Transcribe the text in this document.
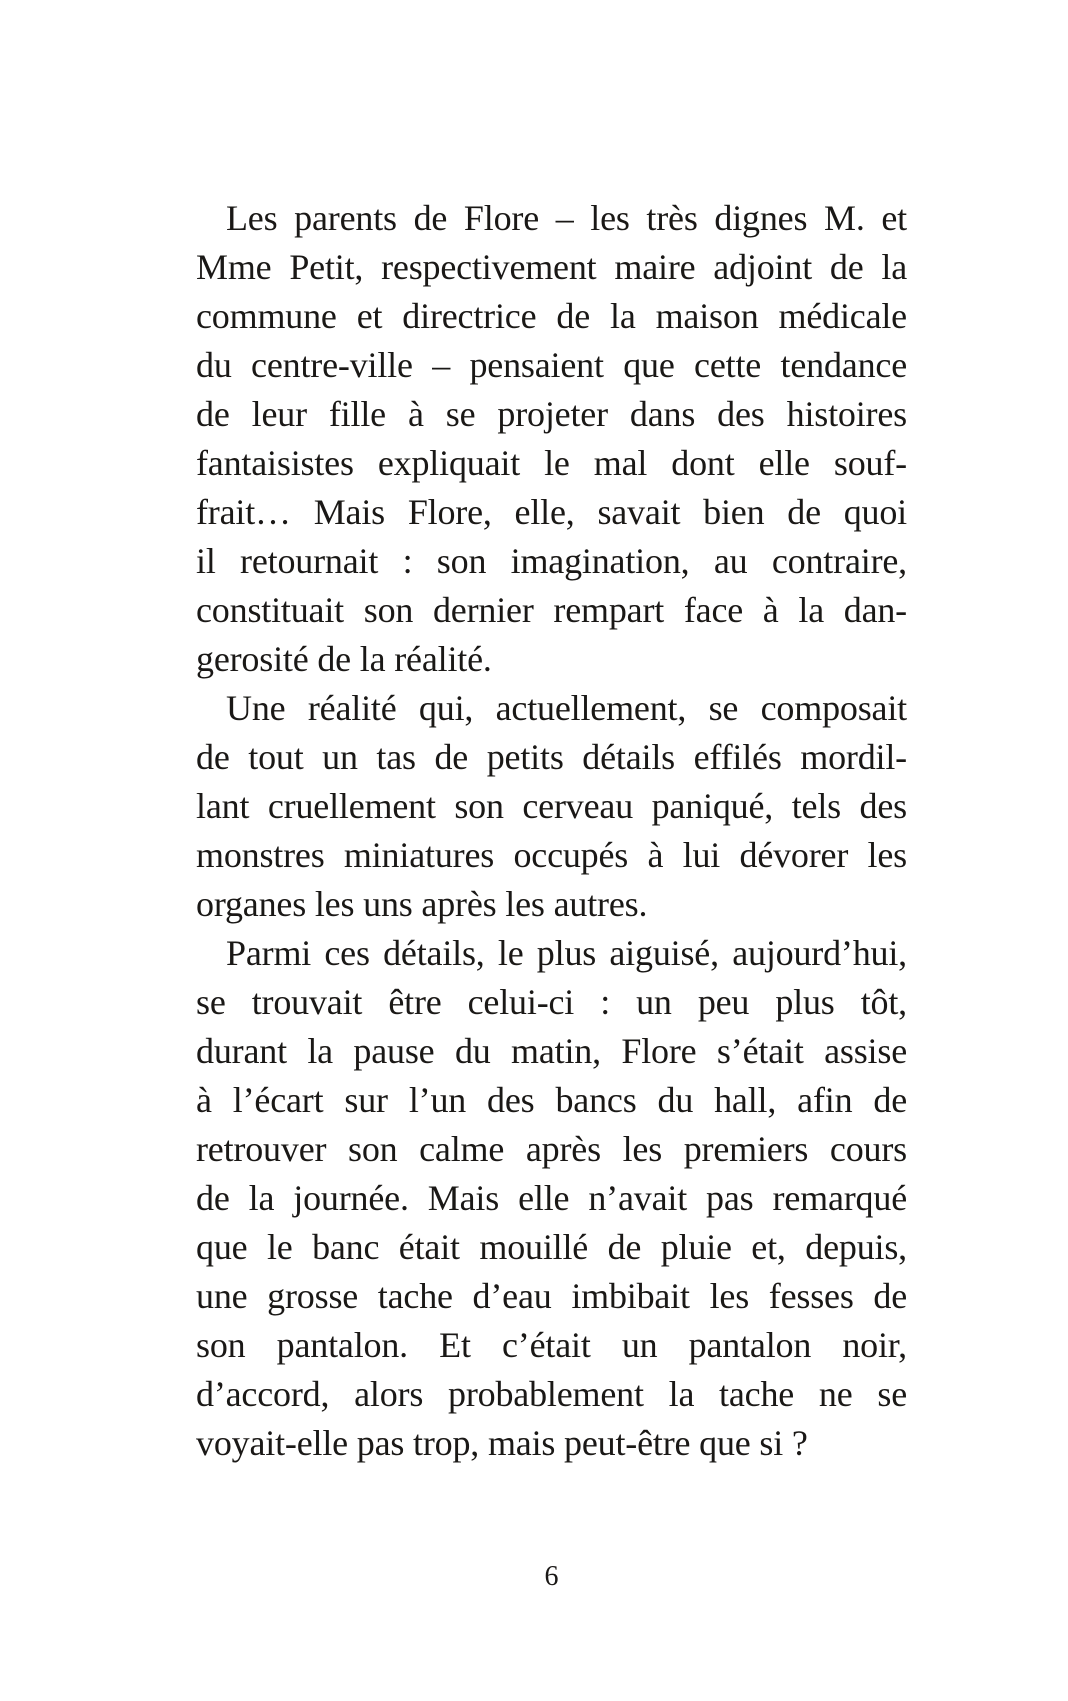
Les parents de Flore – les très dignes M. et
Mme Petit, respectivement maire adjoint de la
commune et directrice de la maison médicale
du centre-ville – pensaient que cette tendance
de leur fille à se projeter dans des histoires
fantaisistes expliquait le mal dont elle souf-
frait… Mais Flore, elle, savait bien de quoi
il retournait : son imagination, au contraire,
constituait son dernier rempart face à la dan-
gerosité de la réalité.

Une réalité qui, actuellement, se composait
de tout un tas de petits détails effilés mordil-
lant cruellement son cerveau paniqué, tels des
monstres miniatures occupés à lui dévorer les
organes les uns après les autres.

Parmi ces détails, le plus aiguisé, aujourd’hui,
se trouvait être celui-ci : un peu plus tôt,
durant la pause du matin, Flore s’était assise
à l’écart sur l’un des bancs du hall, afin de
retrouver son calme après les premiers cours
de la journée. Mais elle n’avait pas remarqué
que le banc était mouillé de pluie et, depuis,
une grosse tache d’eau imbibait les fesses de
son pantalon. Et c’était un pantalon noir,
d’accord, alors probablement la tache ne se
voyait-elle pas trop, mais peut-être que si ?

6
